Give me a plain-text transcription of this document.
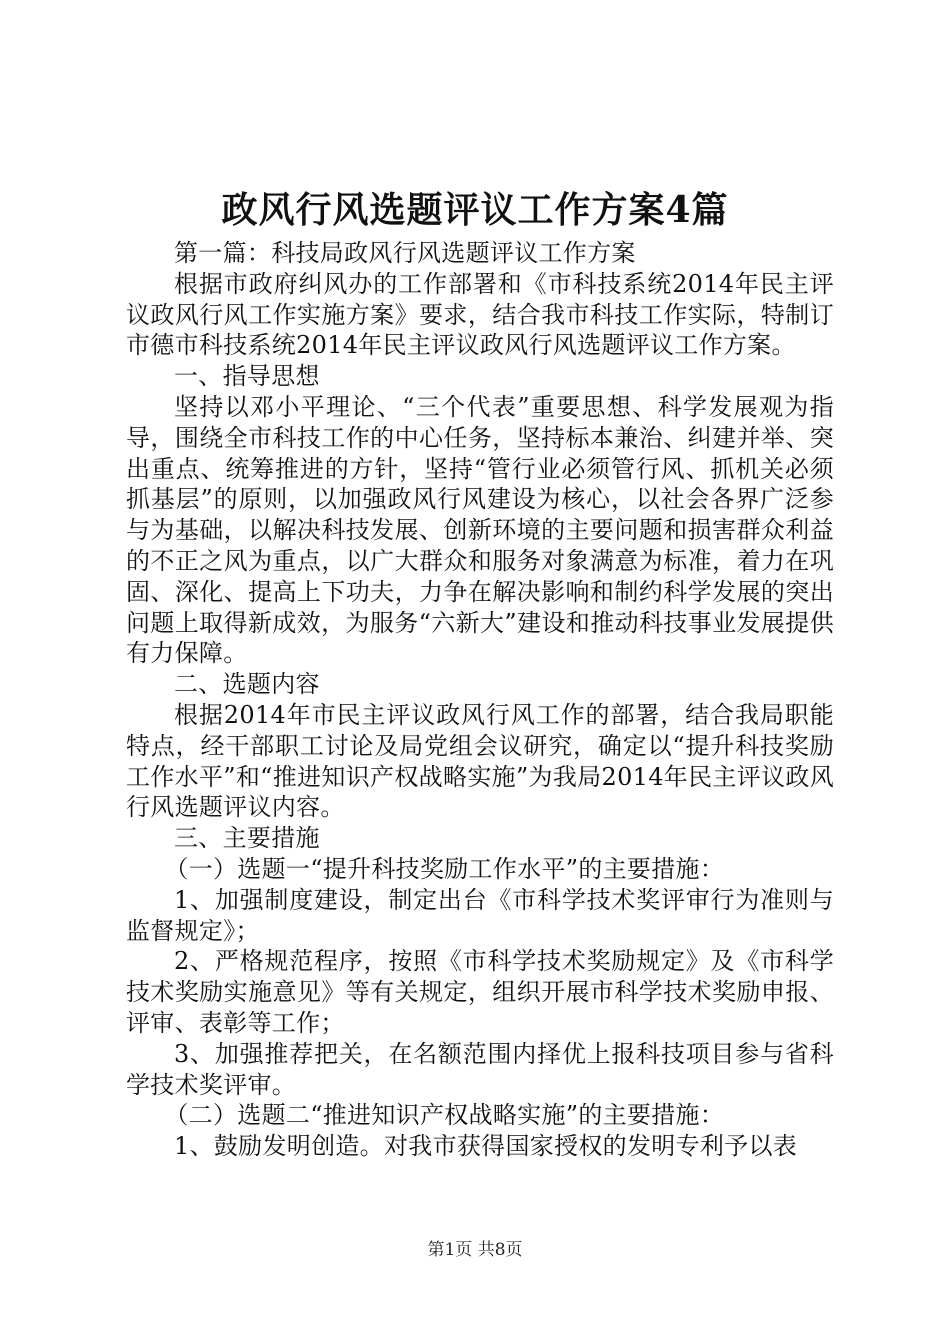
政风行风选题评议工作方案4篇

第一篇：科技局政风行风选题评议工作方案

根据市政府纠风办的工作部署和《市科技系统2014年民主评议政风行风工作实施方案》要求，结合我市科技工作实际，特制订市德市科技系统2014年民主评议政风行风选题评议工作方案。

一、指导思想

坚持以邓小平理论、“三个代表”重要思想、科学发展观为指导，围绕全市科技工作的中心任务，坚持标本兼治、纠建并举、突出重点、统筹推进的方针，坚持“管行业必须管行风、抓机关必须抓基层”的原则，以加强政风行风建设为核心，以社会各界广泛参与为基础，以解决科技发展、创新环境的主要问题和损害群众利益的不正之风为重点，以广大群众和服务对象满意为标准，着力在巩固、深化、提高上下功夫，力争在解决影响和制约科学发展的突出问题上取得新成效，为服务“六新大”建设和推动科技事业发展提供有力保障。

二、选题内容

根据2014年市民主评议政风行风工作的部署，结合我局职能特点，经干部职工讨论及局党组会议研究，确定以“提升科技奖励工作水平”和“推进知识产权战略实施”为我局2014年民主评议政风行风选题评议内容。

三、主要措施

（一）选题一“提升科技奖励工作水平”的主要措施：

1、加强制度建设，制定出台《市科学技术奖评审行为准则与监督规定》；

2、严格规范程序，按照《市科学技术奖励规定》及《市科学技术奖励实施意见》等有关规定，组织开展市科学技术奖励申报、评审、表彰等工作；

3、加强推荐把关，在名额范围内择优上报科技项目参与省科学技术奖评审。

（二）选题二“推进知识产权战略实施”的主要措施：

1、鼓励发明创造。对我市获得国家授权的发明专利予以表

第1页 共8页
